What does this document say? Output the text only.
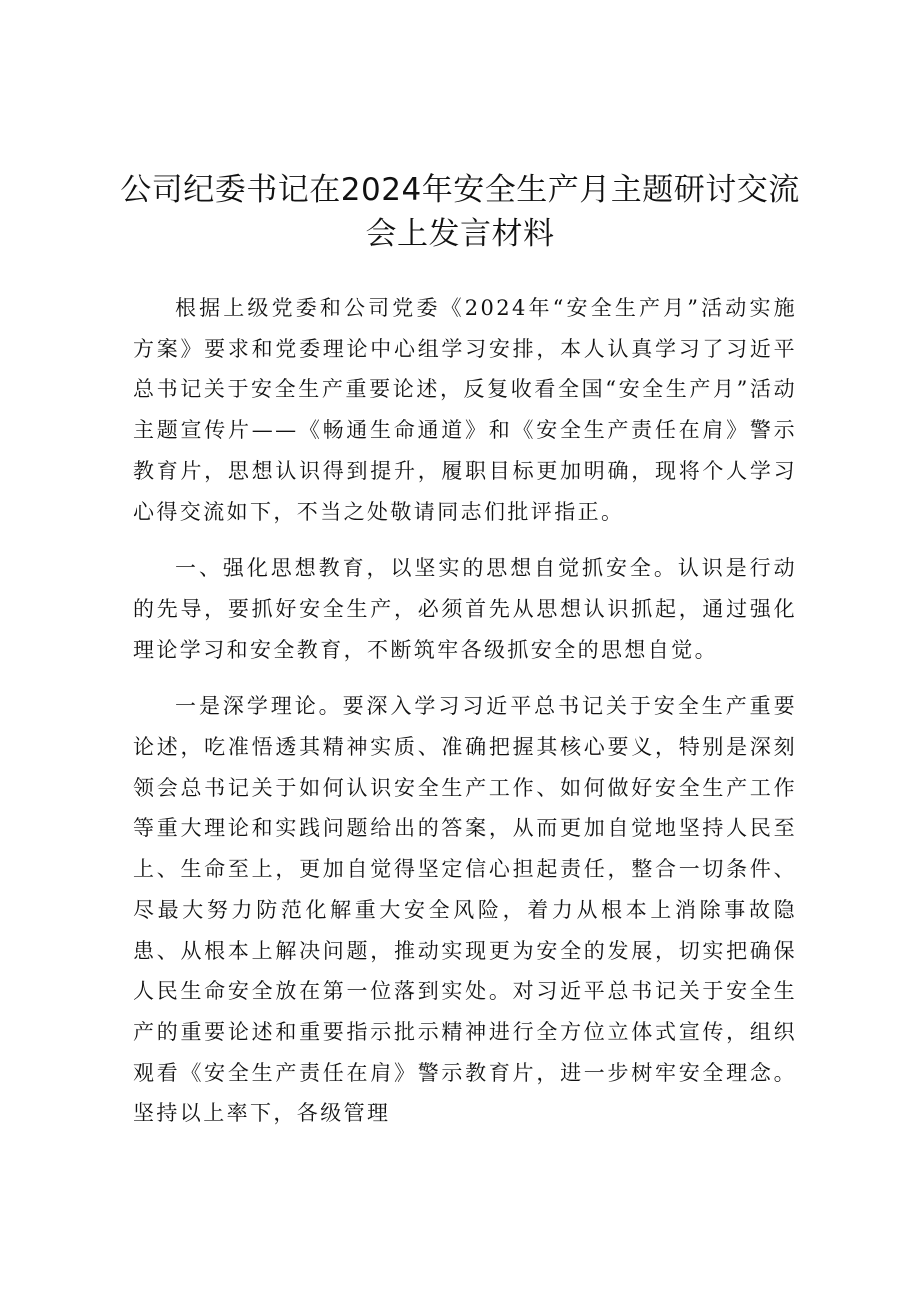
公司纪委书记在2024年安全生产月主题研讨交流会上发言材料

根据上级党委和公司党委《2024年“安全生产月”活动实施方案》要求和党委理论中心组学习安排，本人认真学习了习近平总书记关于安全生产重要论述，反复收看全国“安全生产月”活动主题宣传片——《畅通生命通道》和《安全生产责任在肩》警示教育片，思想认识得到提升，履职目标更加明确，现将个人学习心得交流如下，不当之处敬请同志们批评指正。

一、强化思想教育，以坚实的思想自觉抓安全。认识是行动的先导，要抓好安全生产，必须首先从思想认识抓起，通过强化理论学习和安全教育，不断筑牢各级抓安全的思想自觉。

一是深学理论。要深入学习习近平总书记关于安全生产重要论述，吃准悟透其精神实质、准确把握其核心要义，特别是深刻领会总书记关于如何认识安全生产工作、如何做好安全生产工作等重大理论和实践问题给出的答案，从而更加自觉地坚持人民至上、生命至上，更加自觉得坚定信心担起责任，整合一切条件、尽最大努力防范化解重大安全风险，着力从根本上消除事故隐患、从根本上解决问题，推动实现更为安全的发展，切实把确保人民生命安全放在第一位落到实处。对习近平总书记关于安全生产的重要论述和重要指示批示精神进行全方位立体式宣传，组织观看《安全生产责任在肩》警示教育片，进一步树牢安全理念。坚持以上率下，各级管理
